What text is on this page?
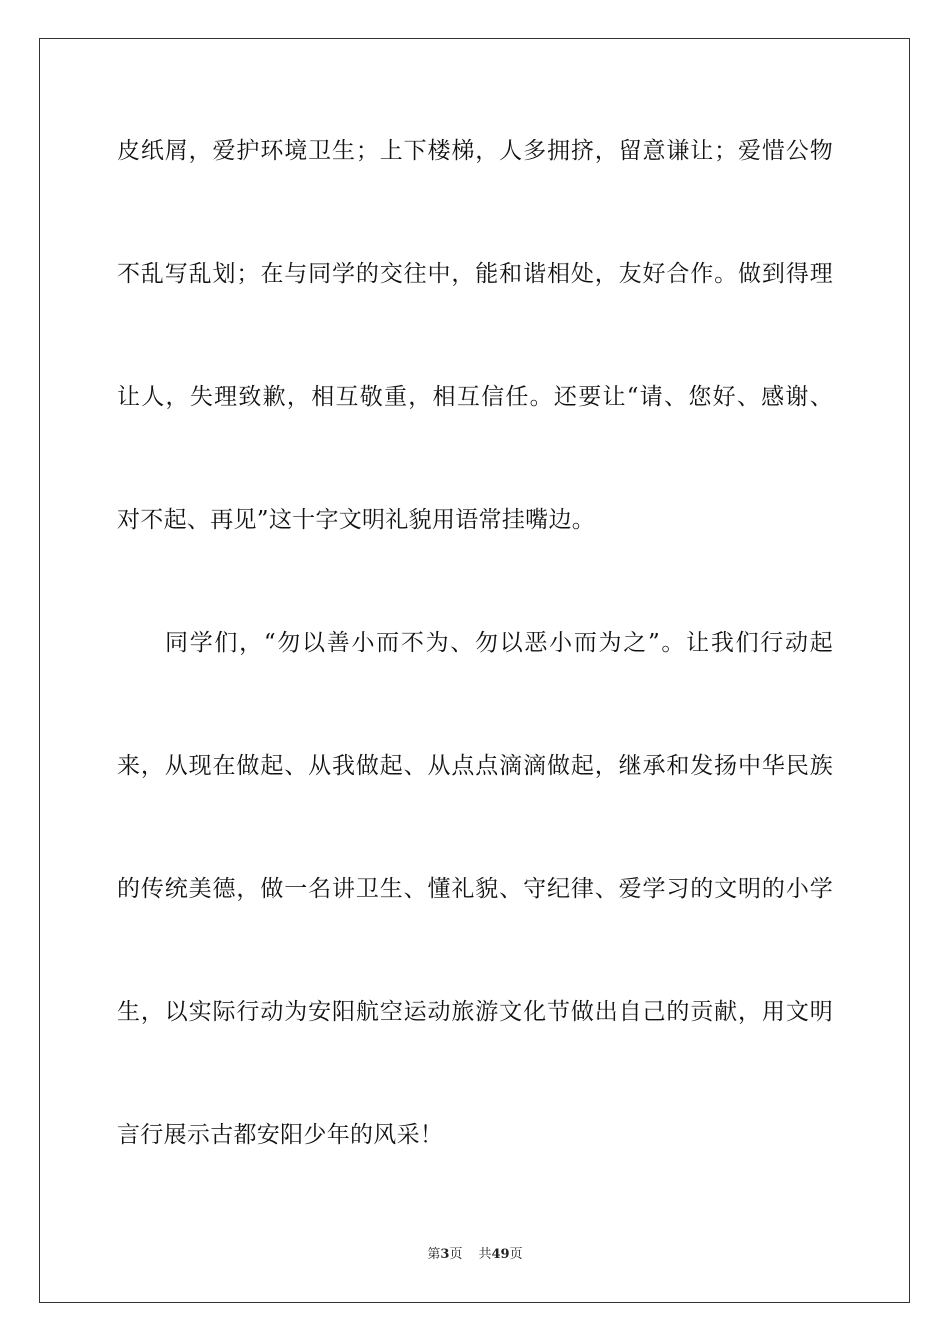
皮纸屑，爱护环境卫生；上下楼梯，人多拥挤，留意谦让；爱惜公物
不乱写乱划；在与同学的交往中，能和谐相处，友好合作。做到得理
让人，失理致歉，相互敬重，相互信任。还要让“请、您好、感谢、
对不起、再见”这十字文明礼貌用语常挂嘴边。
同学们，“勿以善小而不为、勿以恶小而为之”。让我们行动起
来，从现在做起、从我做起、从点点滴滴做起，继承和发扬中华民族
的传统美德，做一名讲卫生、懂礼貌、守纪律、爱学习的文明的小学
生，以实际行动为安阳航空运动旅游文化节做出自己的贡献，用文明
言行展示古都安阳少年的风采！
第3页 共49页
